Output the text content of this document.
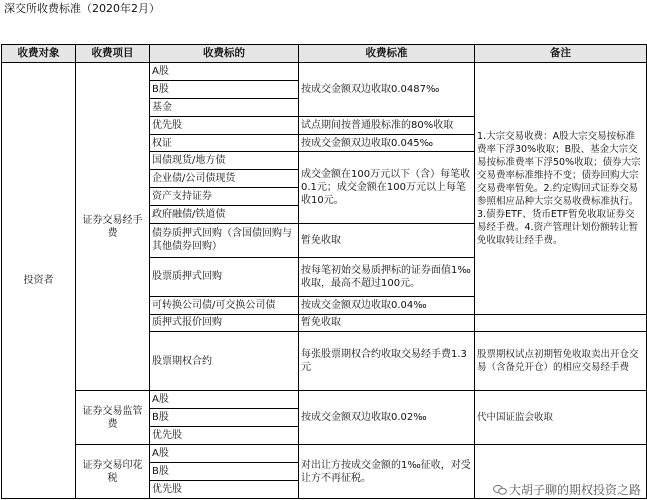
深交所收费标准（2020年2月）
收费对象	收费项目	收费标的	收费标准	备注
投资者	证券交易经手费	A股	按成交金额双边收取0.0487‰	1.大宗交易收费：A股大宗交易按标准费率下浮30%收取；B股、基金大宗交易按标准费率下浮50%收取；债券大宗交易费率标准维持不变；债券回购大宗交易费率暂免。2.约定购回式证券交易参照相应品种大宗交易收费标准执行。3.债券ETF、货币ETF暂免收取证券交易经手费。4.资产管理计划份额转让暂免收取转让经手费。
		B股		
		基金		
		优先股	试点期间按普通股标准的80%收取	
		权证	按成交金额双边收取0.045‰	
		国债现货/地方债	成交金额在100万元以下（含）每笔收0.1元；成交金额在100万元以上每笔收10元。	
		企业债/公司债现货		
		资产支持证券		
		政府融债/铁道债		
		债券质押式回购（含国债回购与其他债券回购）	暂免收取	
		股票质押式回购	按每笔初始交易质押标的证券面值1‰收取，最高不超过100元。	
		可转换公司债/可交换公司债	按成交金额双边收取0.04‰	
		质押式报价回购	暂免收取	
		股票期权合约	每张股票期权合约收取交易经手费1.3元	股票期权试点初期暂免收取卖出开仓交易（含备兑开仓）的相应交易经手费
	证券交易监管费	A股	按成交金额双边收取0.02‰	代中国证监会收取
		B股		
		优先股		
	证券交易印花税	A股	对出让方按成交金额的1‰征收，对受让方不再征税。	
		B股		
		优先股			大胡子聊的期权投资之路
